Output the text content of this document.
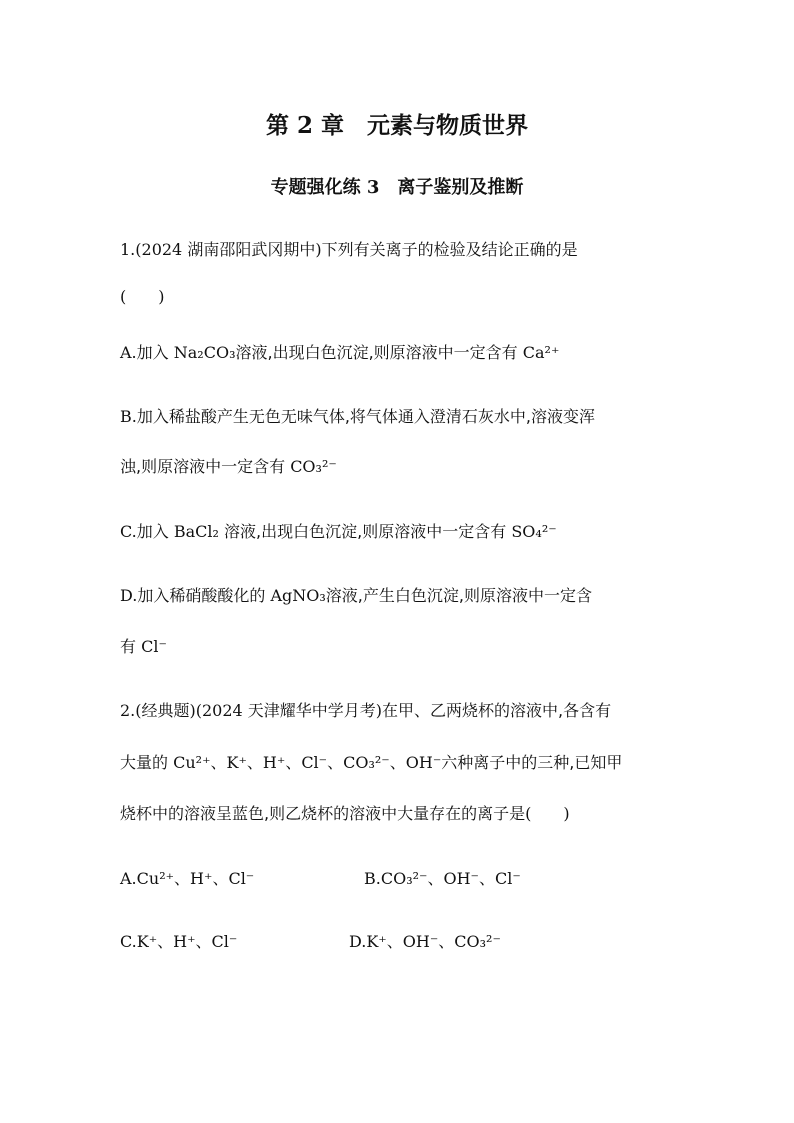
第 2 章　元素与物质世界
专题强化练 3　离子鉴别及推断
1.(2024 湖南邵阳武冈期中)下列有关离子的检验及结论正确的是
(　　)
A.加入 Na₂CO₃溶液,出现白色沉淀,则原溶液中一定含有 Ca²⁺
B.加入稀盐酸产生无色无味气体,将气体通入澄清石灰水中,溶液变浑
浊,则原溶液中一定含有 CO₃²⁻
C.加入 BaCl₂ 溶液,出现白色沉淀,则原溶液中一定含有 SO₄²⁻
D.加入稀硝酸酸化的 AgNO₃溶液,产生白色沉淀,则原溶液中一定含
有 Cl⁻
2.(经典题)(2024 天津耀华中学月考)在甲、乙两烧杯的溶液中,各含有
大量的 Cu²⁺、K⁺、H⁺、Cl⁻、CO₃²⁻、OH⁻六种离子中的三种,已知甲
烧杯中的溶液呈蓝色,则乙烧杯的溶液中大量存在的离子是(　　)
A.Cu²⁺、H⁺、Cl⁻	B.CO₃²⁻、OH⁻、Cl⁻
C.K⁺、H⁺、Cl⁻	D.K⁺、OH⁻、CO₃²⁻
